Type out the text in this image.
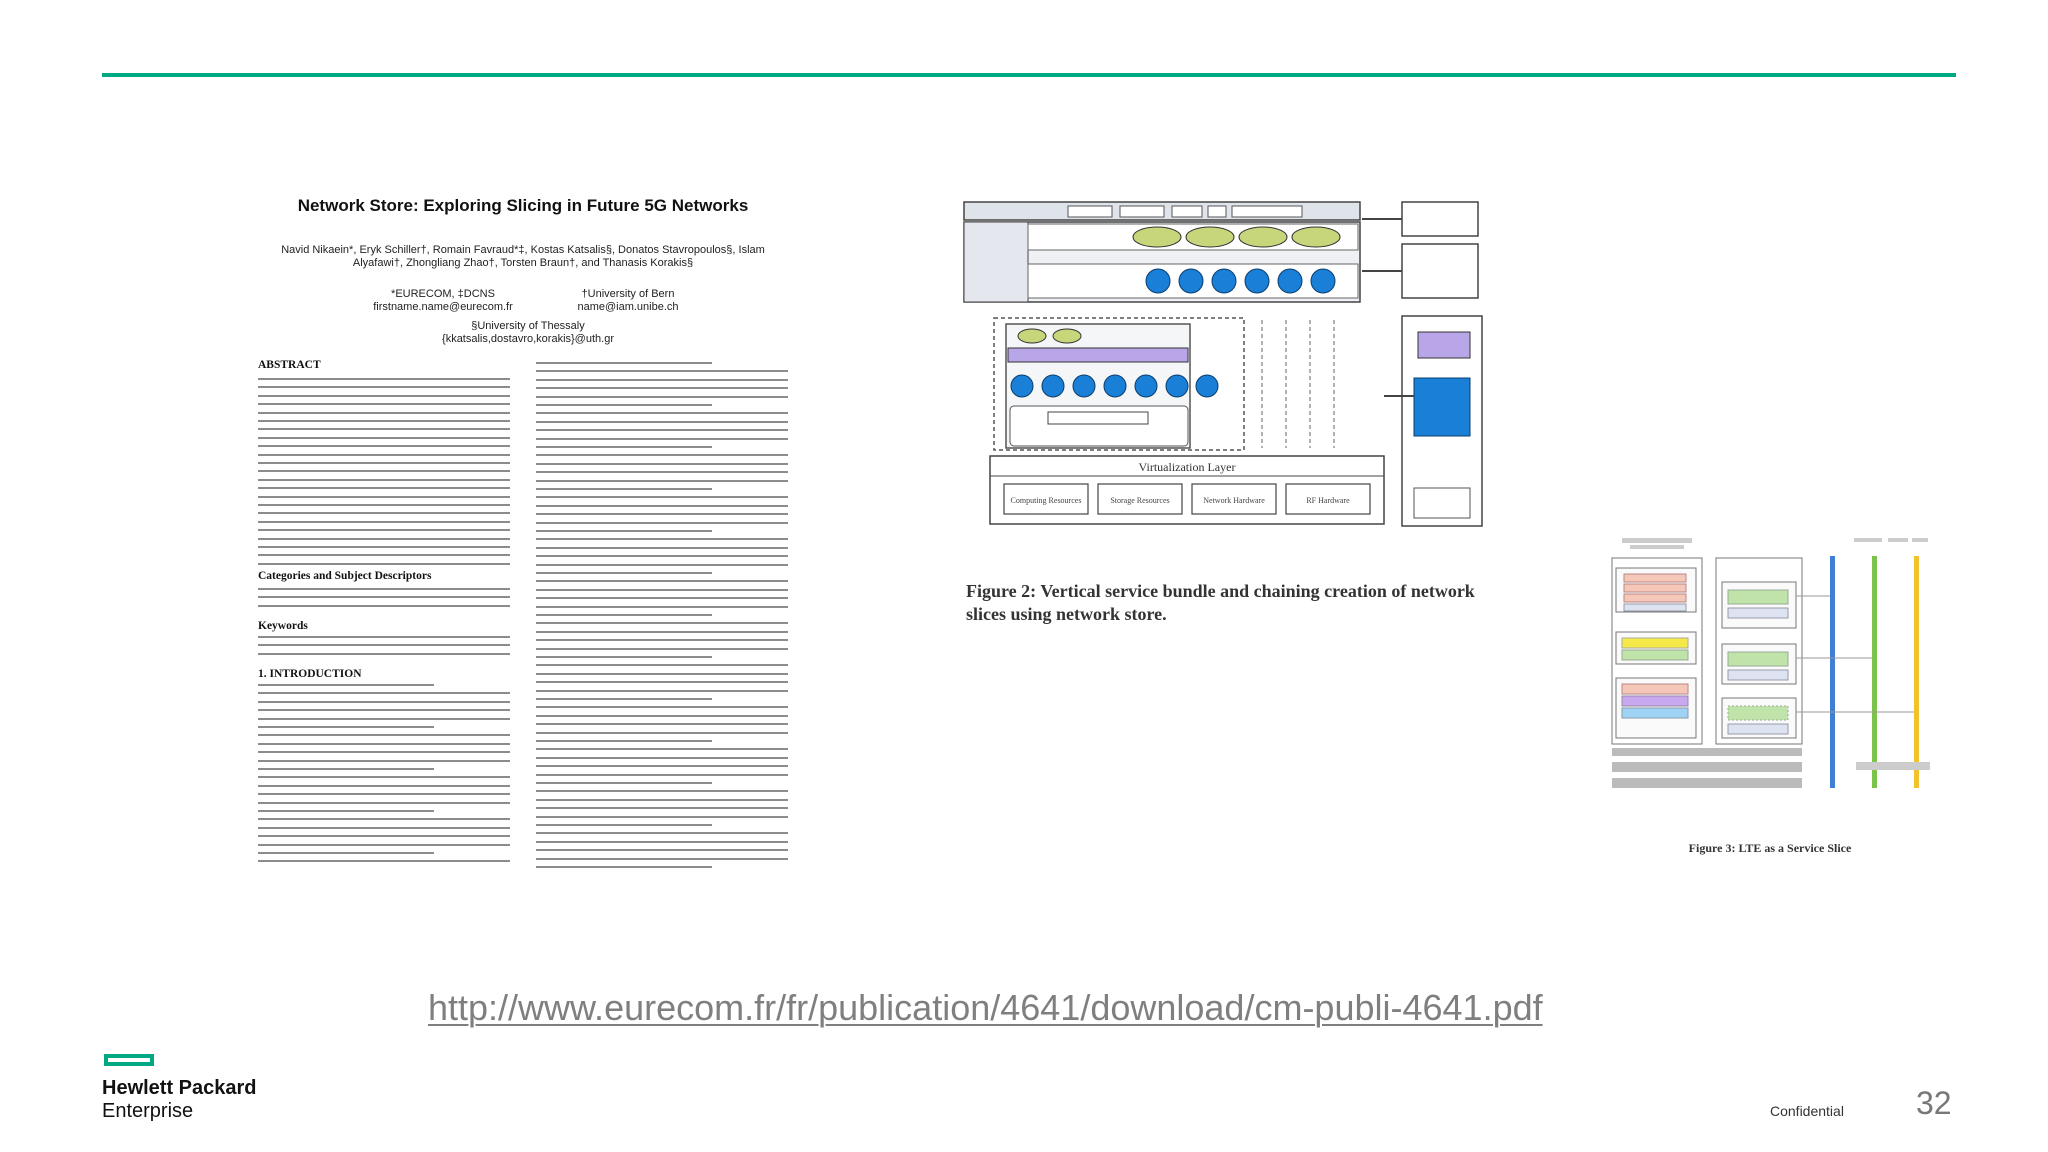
Network Store: Exploring Slicing in Future 5G Networks
Navid Nikaein*, Eryk Schiller†, Romain Favraud*‡, Kostas Katsalis§, Donatos Stavropoulos§, Islam Alyafawi†, Zhongliang Zhao†, Torsten Braun†, and Thanasis Korakis§
*EURECOM, ‡DCNS
firstname.name@eurecom.fr
†University of Bern
name@iam.unibe.ch
§University of Thessaly
{kkatsalis,dostavro,korakis}@uth.gr
ABSTRACT
Categories and Subject Descriptors
Keywords
1. INTRODUCTION
Virtualization Layer
Computing Resources	Storage Resources	Network Hardware	RF Hardware
Figure 2: Vertical service bundle and chaining creation of network slices using network store.
Figure 3: LTE as a Service Slice
http://www.eurecom.fr/fr/publication/4641/download/cm-publi-4641.pdf
Hewlett Packard
Enterprise	Confidential 32
